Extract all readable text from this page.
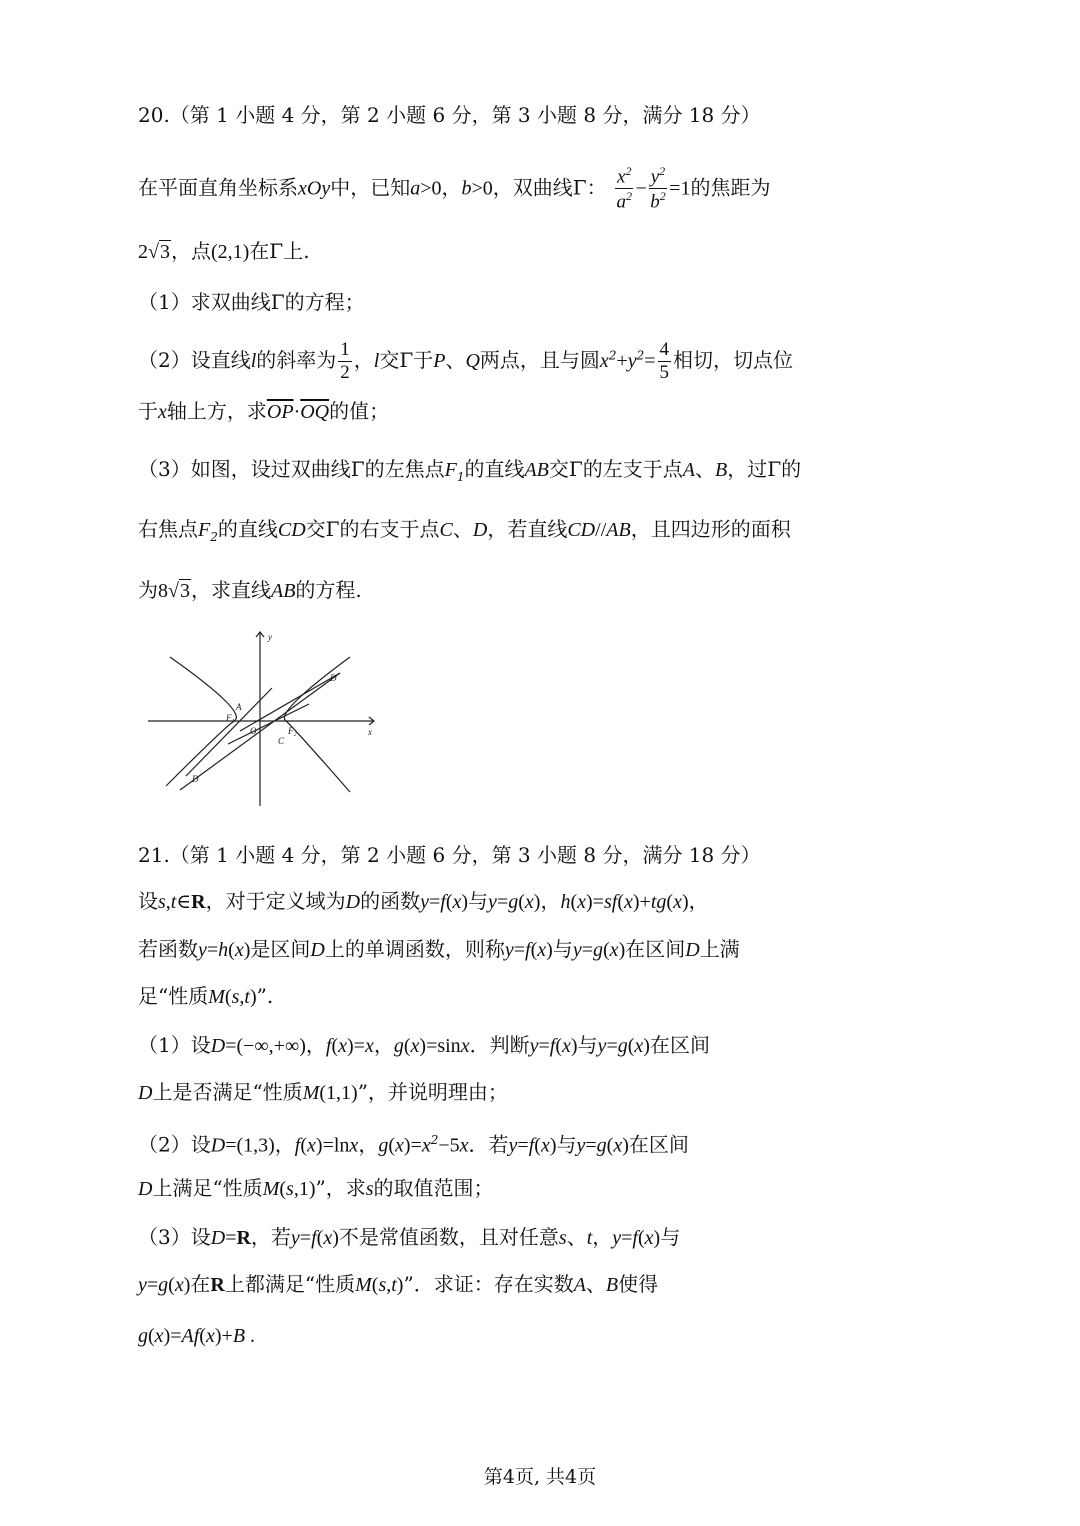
20.（第 1 小题 4 分，第 2 小题 6 分，第 3 小题 8 分，满分 18 分）
在平面直角坐标系xOy中，已知a>0，b>0，双曲线Γ： $\frac{x^2}{a^2} - \frac{y^2}{b^2} =1$的焦距为
2√3，点(2,1)在Γ上.
（1）求双曲线Γ的方程；
（2）设直线l的斜率为 $\frac{1}{2}$ ，l交Γ于P、Q两点，且与圆$x^2+y^2= \frac{4}{5}$ 相切，切点位
于x轴上方，求$\overline{OP}\cdot\overline{OQ}$的值；
（3）如图，设过双曲线Γ的左焦点$F_1$的直线AB交Γ的左支于点A、B，过Γ的
右焦点$F_2$的直线CD交Γ的右支于点C、D，若直线CD//AB，且四边形的面积
为8√3，求直线AB的方程.
y
x
O
A
F₁
F₂
C
D
D
21.（第 1 小题 4 分，第 2 小题 6 分，第 3 小题 8 分，满分 18 分）
设s,t∈R，对于定义域为D的函数y=f(x)与y=g(x)，h(x)=sf(x)+tg(x)，
若函数y=h(x)是区间D上的单调函数，则称y=f(x)与y=g(x)在区间D上满
足“性质M(s,t)”.
（1）设D=(−∞,+∞)，f(x)=x，g(x)=sinx．判断y=f(x)与y=g(x)在区间
D上是否满足“性质M(1,1)”，并说明理由；
（2）设D=(1,3)，f(x)=lnx，$g(x)=x^2-5x$．若y=f(x)与y=g(x)在区间
D上满足“性质M(s,1)”，求s的取值范围；
（3）设D=R，若y=f(x)不是常值函数，且对任意s、t，y=f(x)与
y=g(x)在R上都满足“性质M(s,t)”．求证：存在实数A、B使得
g(x)=Af(x)+B .
第4页, 共4页
